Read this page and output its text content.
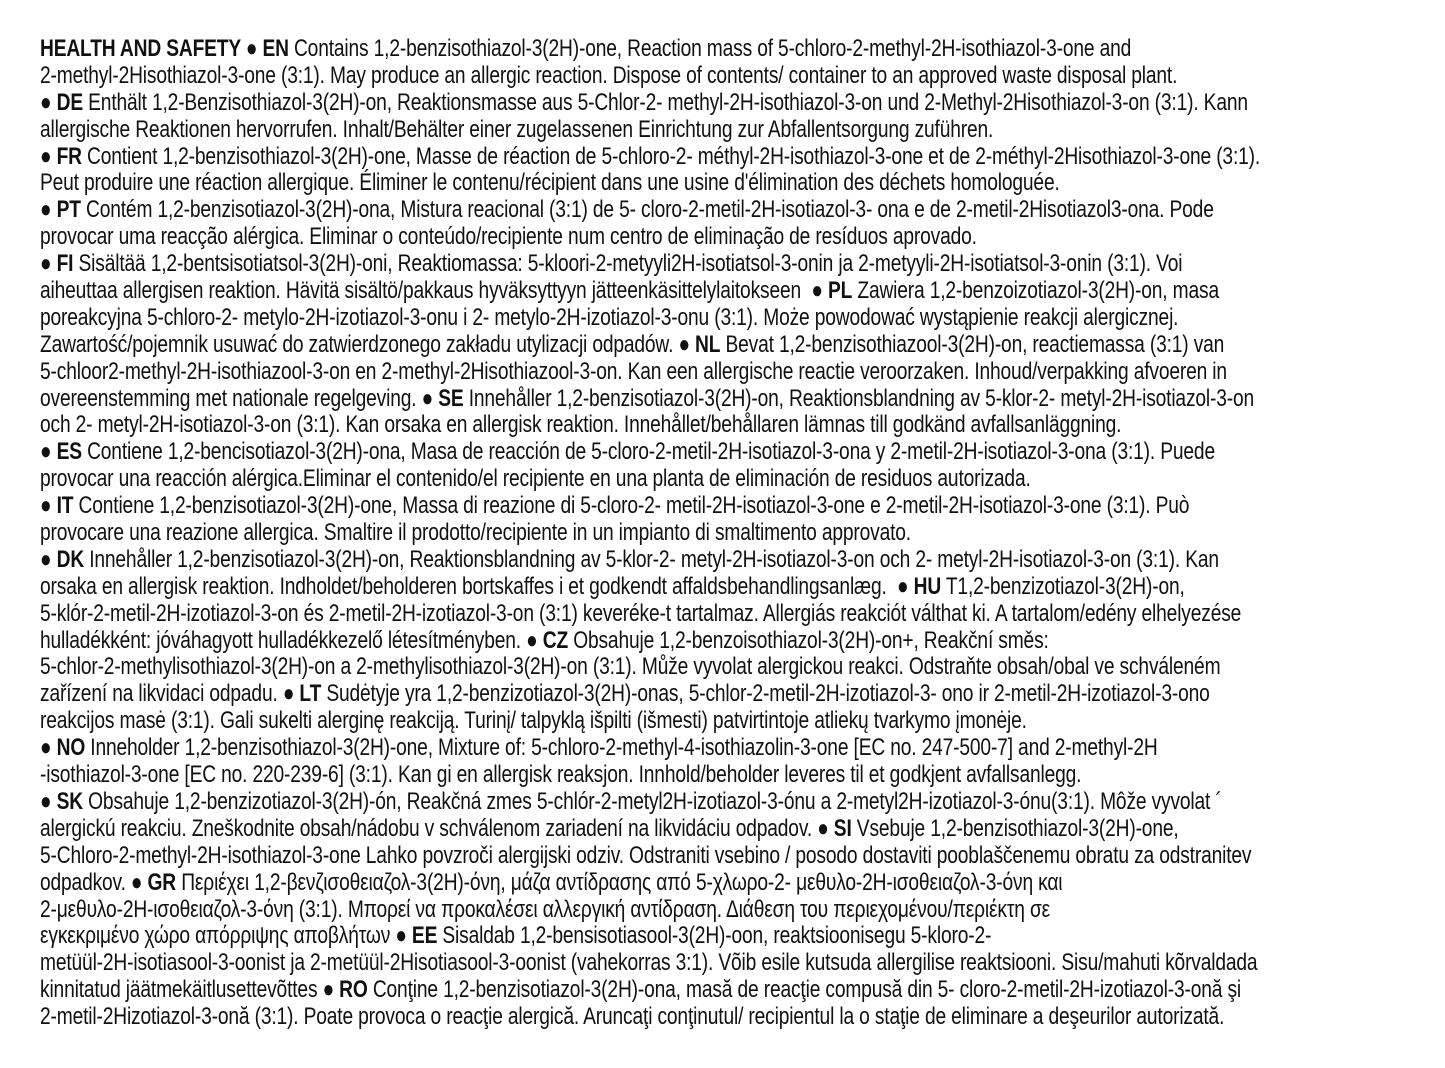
HEALTH AND SAFETY ● EN Contains 1,2-benzisothiazol-3(2H)-one, Reaction mass of 5-chloro-2-methyl-2H-isothiazol-3-one and
2-methyl-2Hisothiazol-3-one (3:1). May produce an allergic reaction. Dispose of contents/ container to an approved waste disposal plant.
● DE Enthält 1,2-Benzisothiazol-3(2H)-on, Reaktionsmasse aus 5-Chlor-2- methyl-2H-isothiazol-3-on und 2-Methyl-2Hisothiazol-3-on (3:1). Kann
allergische Reaktionen hervorrufen. Inhalt/Behälter einer zugelassenen Einrichtung zur Abfallentsorgung zuführen.
● FR Contient 1,2-benzisothiazol-3(2H)-one, Masse de réaction de 5-chloro-2- méthyl-2H-isothiazol-3-one et de 2-méthyl-2Hisothiazol-3-one (3:1).
Peut produire une réaction allergique. Éliminer le contenu/récipient dans une usine d'élimination des déchets homologuée.
● PT Contém 1,2-benzisotiazol-3(2H)-ona, Mistura reacional (3:1) de 5- cloro-2-metil-2H-isotiazol-3- ona e de 2-metil-2Hisotiazol3-ona. Pode
provocar uma reacção alérgica. Eliminar o conteúdo/recipiente num centro de eliminação de resíduos aprovado.
● FI Sisältää 1,2-bentsisotiatsol-3(2H)-oni, Reaktiomassa: 5-kloori-2-metyyli2H-isotiatsol-3-onin ja 2-metyyli-2H-isotiatsol-3-onin (3:1). Voi
aiheuttaa allergisen reaktion. Hävitä sisältö/pakkaus hyväksyttyyn jätteenkäsittelylaitokseen  ● PL Zawiera 1,2-benzoizotiazol-3(2H)-on, masa
poreakcyjna 5-chloro-2- metylo-2H-izotiazol-3-onu i 2- metylo-2H-izotiazol-3-onu (3:1). Może powodować wystąpienie reakcji alergicznej.
Zawartość/pojemnik usuwać do zatwierdzonego zakładu utylizacji odpadów. ● NL Bevat 1,2-benzisothiazool-3(2H)-on, reactiemassa (3:1) van
5-chloor2-methyl-2H-isothiazool-3-on en 2-methyl-2Hisothiazool-3-on. Kan een allergische reactie veroorzaken. Inhoud/verpakking afvoeren in
overeenstemming met nationale regelgeving. ● SE Innehåller 1,2-benzisotiazol-3(2H)-on, Reaktionsblandning av 5-klor-2- metyl-2H-isotiazol-3-on
och 2- metyl-2H-isotiazol-3-on (3:1). Kan orsaka en allergisk reaktion. Innehållet/behållaren lämnas till godkänd avfallsanläggning.
● ES Contiene 1,2-bencisotiazol-3(2H)-ona, Masa de reacción de 5-cloro-2-metil-2H-isotiazol-3-ona y 2-metil-2H-isotiazol-3-ona (3:1). Puede
provocar una reacción alérgica.Eliminar el contenido/el recipiente en una planta de eliminación de residuos autorizada.
● IT Contiene 1,2-benzisotiazol-3(2H)-one, Massa di reazione di 5-cloro-2- metil-2H-isotiazol-3-one e 2-metil-2H-isotiazol-3-one (3:1). Può
provocare una reazione allergica. Smaltire il prodotto/recipiente in un impianto di smaltimento approvato.
● DK Innehåller 1,2-benzisotiazol-3(2H)-on, Reaktionsblandning av 5-klor-2- metyl-2H-isotiazol-3-on och 2- metyl-2H-isotiazol-3-on (3:1). Kan
orsaka en allergisk reaktion. Indholdet/beholderen bortskaffes i et godkendt affaldsbehandlingsanlæg.  ● HU T1,2-benzizotiazol-3(2H)-on,
5-klór-2-metil-2H-izotiazol-3-on és 2-metil-2H-izotiazol-3-on (3:1) keveréke-t tartalmaz. Allergiás reakciót válthat ki. A tartalom/edény elhelyezése
hulladékként: jóváhagyott hulladékkezelő létesítményben. ● CZ Obsahuje 1,2-benzoisothiazol-3(2H)-on+, Reakční směs:
5-chlor-2-methylisothiazol-3(2H)-on a 2-methylisothiazol-3(2H)-on (3:1). Může vyvolat alergickou reakci. Odstraňte obsah/obal ve schváleném
zařízení na likvidaci odpadu. ● LT Sudėtyje yra 1,2-benzizotiazol-3(2H)-onas, 5-chlor-2-metil-2H-izotiazol-3- ono ir 2-metil-2H-izotiazol-3-ono
reakcijos masė (3:1). Gali sukelti alerginę reakciją. Turinį/ talpyklą išpilti (išmesti) patvirtintoje atliekų tvarkymo įmonėje.
● NO Inneholder 1,2-benzisothiazol-3(2H)-one, Mixture of: 5-chloro-2-methyl-4-isothiazolin-3-one [EC no. 247-500-7] and 2-methyl-2H
-isothiazol-3-one [EC no. 220-239-6] (3:1). Kan gi en allergisk reaksjon. Innhold/beholder leveres til et godkjent avfallsanlegg.
● SK Obsahuje 1,2-benzizotiazol-3(2H)-ón, Reakčná zmes 5-chlór-2-metyl2H-izotiazol-3-ónu a 2-metyl2H-izotiazol-3-ónu(3:1). Môže vyvolat ´
alergickú reakciu. Zneškodnite obsah/nádobu v schválenom zariadení na likvidáciu odpadov. ● SI Vsebuje 1,2-benzisothiazol-3(2H)-one,
5-Chloro-2-methyl-2H-isothiazol-3-one Lahko povzroči alergijski odziv. Odstraniti vsebino / posodo dostaviti pooblaščenemu obratu za odstranitev
odpadkov. ● GR Περιέχει 1,2-βενζισοθειαζολ-3(2H)-όνη, μάζα αντίδρασης από 5-χλωρο-2- μεθυλο-2H-ισοθειαζολ-3-όνη και
2-μεθυλο-2H-ισοθειαζολ-3-όνη (3:1). Μπορεί να προκαλέσει αλλεργική αντίδραση. Διάθεση του περιεχομένου/περιέκτη σε
εγκεκριμένο χώρο απόρριψης αποβλήτων ● EE Sisaldab 1,2-bensisotiasool-3(2H)-oon, reaktsioonisegu 5-kloro-2-
metüül-2H-isotiasool-3-oonist ja 2-metüül-2Hisotiasool-3-oonist (vahekorras 3:1). Võib esile kutsuda allergilise reaktsiooni. Sisu/mahuti kõrvaldada
kinnitatud jäätmekäitlusettevõttes ● RO Conţine 1,2-benzisotiazol-3(2H)-ona, masă de reacţie compusă din 5- cloro-2-metil-2H-izotiazol-3-onă şi
2-metil-2Hizotiazol-3-onă (3:1). Poate provoca o reacţie alergică. Aruncaţi conţinutul/ recipientul la o staţie de eliminare a deşeurilor autorizată.
